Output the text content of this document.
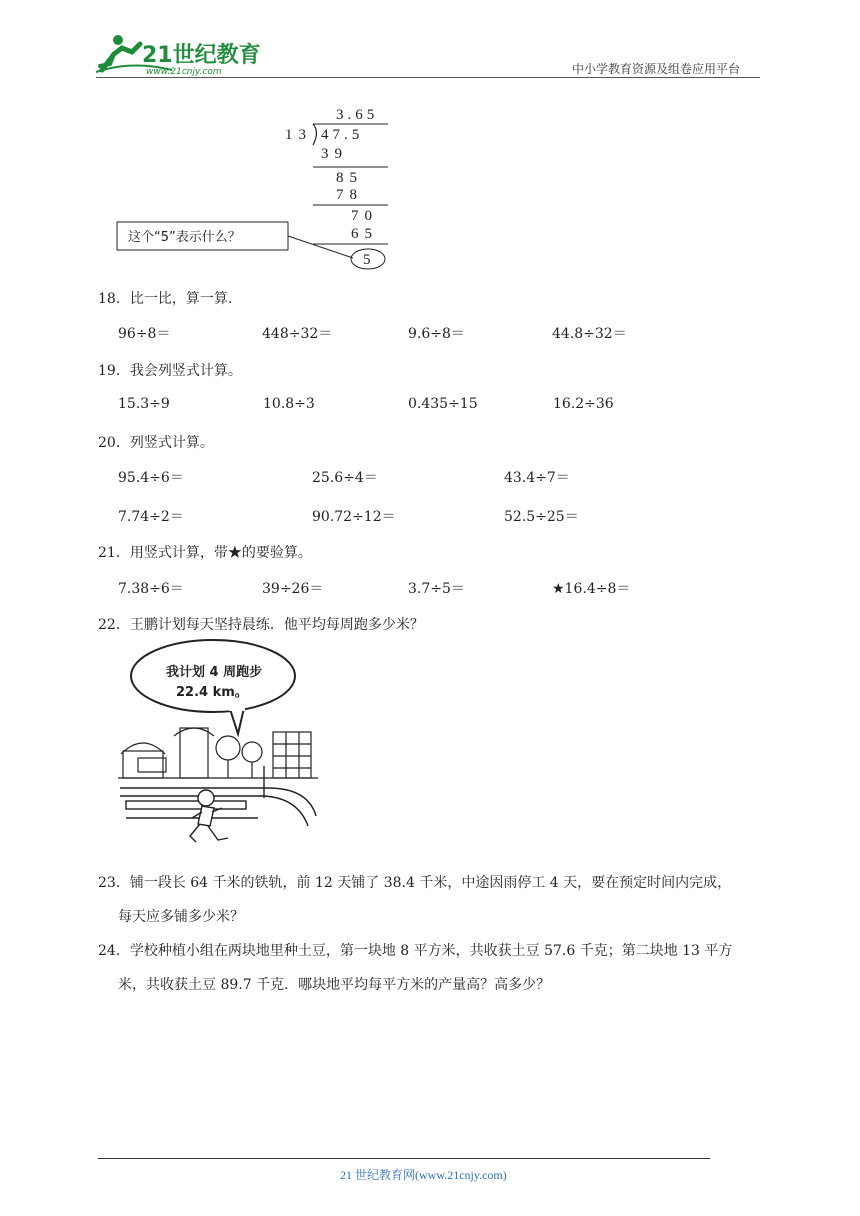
21世纪教育
www.21cnjy.com	中小学教育资源及组卷应用平台
3.65
13 47.5
39
85
78
70
65
5
这个“5”表示什么？
18．比一比，算一算.
96÷8＝	448÷32＝	9.6÷8＝	44.8÷32＝
19．我会列竖式计算。
15.3÷9	10.8÷3	0.435÷15	16.2÷36
20．列竖式计算。
95.4÷6＝	25.6÷4＝	43.4÷7＝
7.74÷2＝	90.72÷12＝	52.5÷25＝
21．用竖式计算，带★的要验算。
7.38÷6＝	39÷26＝	3.7÷5＝	★16.4÷8＝
22．王鹏计划每天坚持晨练．他平均每周跑多少米？
我计划 4 周跑步
22.4 km。
23．铺一段长 64 千米的铁轨，前 12 天铺了 38.4 千米，中途因雨停工 4 天，要在预定时间内完成，
每天应多铺多少米？
24．学校种植小组在两块地里种土豆，第一块地 8 平方米，共收获土豆 57.6 千克；第二块地 13 平方
米，共收获土豆 89.7 千克．哪块地平均每平方米的产量高？高多少？
21 世纪教育网(www.21cnjy.com)
